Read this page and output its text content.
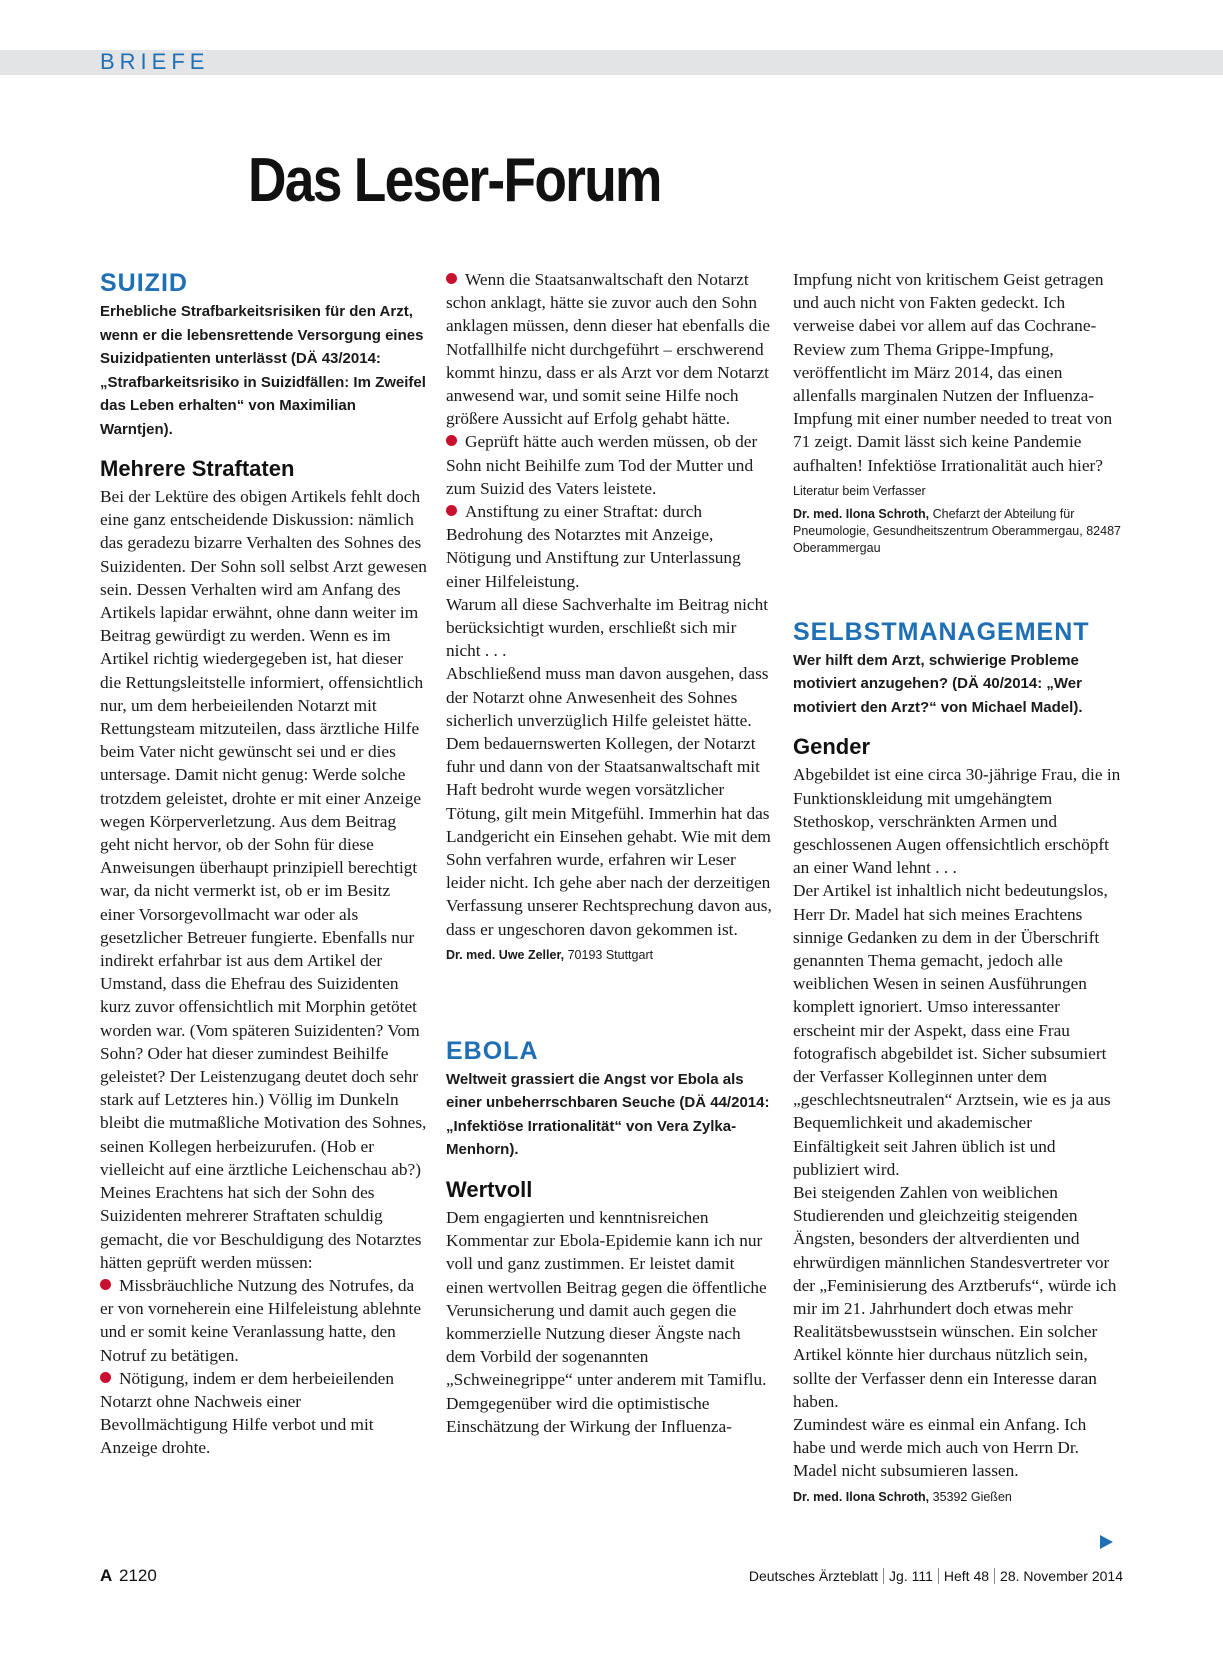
BRIEFE
Das Leser-Forum
SUIZID

Erhebliche Strafbarkeitsrisiken für den Arzt, wenn er die lebensrettende Versorgung eines Suizidpatienten unterlässt (DÄ 43/2014: „Strafbarkeitsrisiko in Suizidfällen: Im Zweifel das Leben erhalten“ von Maximilian Warntjen).

Mehrere Straftaten

Bei der Lektüre des obigen Artikels fehlt doch eine ganz entscheidende Diskussion: nämlich das geradezu bizarre Verhalten des Sohnes des Suizidenten. Der Sohn soll selbst Arzt gewesen sein. Dessen Verhalten wird am Anfang des Artikels lapidar erwähnt, ohne dann weiter im Beitrag gewürdigt zu werden. Wenn es im Artikel richtig wiedergegeben ist, hat dieser die Rettungsleitstelle informiert, offensichtlich nur, um dem herbeieilenden Notarzt mit Rettungsteam mitzuteilen, dass ärztliche Hilfe beim Vater nicht gewünscht sei und er dies untersage. Damit nicht genug: Werde solche trotzdem geleistet, drohte er mit einer Anzeige wegen Körperverletzung. Aus dem Beitrag geht nicht hervor, ob der Sohn für diese Anweisungen überhaupt prinzipiell berechtigt war, da nicht vermerkt ist, ob er im Besitz einer Vorsorgevollmacht war oder als gesetzlicher Betreuer fungierte. Ebenfalls nur indirekt erfahrbar ist aus dem Artikel der Umstand, dass die Ehefrau des Suizidenten kurz zuvor offensichtlich mit Morphin getötet worden war. (Vom späteren Suizidenten? Vom Sohn? Oder hat dieser zumindest Beihilfe geleistet? Der Leistenzugang deutet doch sehr stark auf Letzteres hin.) Völlig im Dunkeln bleibt die mutmaßliche Motivation des Sohnes, seinen Kollegen herbeizurufen. (Hob er vielleicht auf eine ärztliche Leichenschau ab?)

Meines Erachtens hat sich der Sohn des Suizidenten mehrerer Straftaten schuldig gemacht, die vor Beschuldigung des Notarztes hätten geprüft werden müssen:

Missbräuchliche Nutzung des Notrufes, da er von vorneherein eine Hilfeleistung ablehnte und er somit keine Veranlassung hatte, den Notruf zu betätigen.

Nötigung, indem er dem herbeieilenden Notarzt ohne Nachweis einer Bevollmächtigung Hilfe verbot und mit Anzeige drohte.

Wenn die Staatsanwaltschaft den Notarzt schon anklagt, hätte sie zuvor auch den Sohn anklagen müssen, denn dieser hat ebenfalls die Notfallhilfe nicht durchgeführt – erschwerend kommt hinzu, dass er als Arzt vor dem Notarzt anwesend war, und somit seine Hilfe noch größere Aussicht auf Erfolg gehabt hätte.

Geprüft hätte auch werden müssen, ob der Sohn nicht Beihilfe zum Tod der Mutter und zum Suizid des Vaters leistete.

Anstiftung zu einer Straftat: durch Bedrohung des Notarztes mit Anzeige, Nötigung und Anstiftung zur Unterlassung einer Hilfeleistung.

Warum all diese Sachverhalte im Beitrag nicht berücksichtigt wurden, erschließt sich mir nicht . . .

Abschließend muss man davon ausgehen, dass der Notarzt ohne Anwesenheit des Sohnes sicherlich unverzüglich Hilfe geleistet hätte. Dem bedauernswerten Kollegen, der Notarzt fuhr und dann von der Staatsanwaltschaft mit Haft bedroht wurde wegen vorsätzlicher Tötung, gilt mein Mitgefühl. Immerhin hat das Landgericht ein Einsehen gehabt. Wie mit dem Sohn verfahren wurde, erfahren wir Leser leider nicht. Ich gehe aber nach der derzeitigen Verfassung unserer Rechtsprechung davon aus, dass er ungeschoren davon gekommen ist.

Dr. med. Uwe Zeller, 70193 Stuttgart

EBOLA

Weltweit grassiert die Angst vor Ebola als einer unbeherrschbaren Seuche (DÄ 44/2014: „Infektiöse Irrationalität“ von Vera Zylka-Menhorn).

Wertvoll

Dem engagierten und kenntnisreichen Kommentar zur Ebola-Epidemie kann ich nur voll und ganz zustimmen. Er leistet damit einen wertvollen Beitrag gegen die öffentliche Verunsicherung und damit auch gegen die kommerzielle Nutzung dieser Ängste nach dem Vorbild der sogenannten „Schweinegrippe“ unter anderem mit Tamiflu.

Demgegenüber wird die optimistische Einschätzung der Wirkung der Influenza-

Impfung nicht von kritischem Geist getragen und auch nicht von Fakten gedeckt. Ich verweise dabei vor allem auf das Cochrane-Review zum Thema Grippe-Impfung, veröffentlicht im März 2014, das einen allenfalls marginalen Nutzen der Influenza-Impfung mit einer number needed to treat von 71 zeigt. Damit lässt sich keine Pandemie aufhalten! Infektiöse Irrationalität auch hier?

Literatur beim Verfasser

Dr. med. Ilona Schroth, Chefarzt der Abteilung für Pneumologie, Gesundheitszentrum Oberammergau, 82487 Oberammergau

SELBSTMANAGEMENT

Wer hilft dem Arzt, schwierige Probleme motiviert anzugehen? (DÄ 40/2014: „Wer motiviert den Arzt?“ von Michael Madel).

Gender

Abgebildet ist eine circa 30-jährige Frau, die in Funktionskleidung mit umgehängtem Stethoskop, verschränkten Armen und geschlossenen Augen offensichtlich erschöpft an einer Wand lehnt . . .

Der Artikel ist inhaltlich nicht bedeutungslos, Herr Dr. Madel hat sich meines Erachtens sinnige Gedanken zu dem in der Überschrift genannten Thema gemacht, jedoch alle weiblichen Wesen in seinen Ausführungen komplett ignoriert. Umso interessanter erscheint mir der Aspekt, dass eine Frau fotografisch abgebildet ist. Sicher subsumiert der Verfasser Kolleginnen unter dem „geschlechtsneutralen“ Arztsein, wie es ja aus Bequemlichkeit und akademischer Einfältigkeit seit Jahren üblich ist und publiziert wird.

Bei steigenden Zahlen von weiblichen Studierenden und gleichzeitig steigenden Ängsten, besonders der altverdienten und ehrwürdigen männlichen Standesvertreter vor der „Feminisierung des Arztberufs“, würde ich mir im 21. Jahrhundert doch etwas mehr Realitätsbewusstsein wünschen. Ein solcher Artikel könnte hier durchaus nützlich sein, sollte der Verfasser denn ein Interesse daran haben.

Zumindest wäre es einmal ein Anfang. Ich habe und werde mich auch von Herrn Dr. Madel nicht subsumieren lassen.

Dr. med. Ilona Schroth, 35392 Gießen

A 2120	Deutsches Ärzteblatt Jg. 111 Heft 48 28. November 2014
